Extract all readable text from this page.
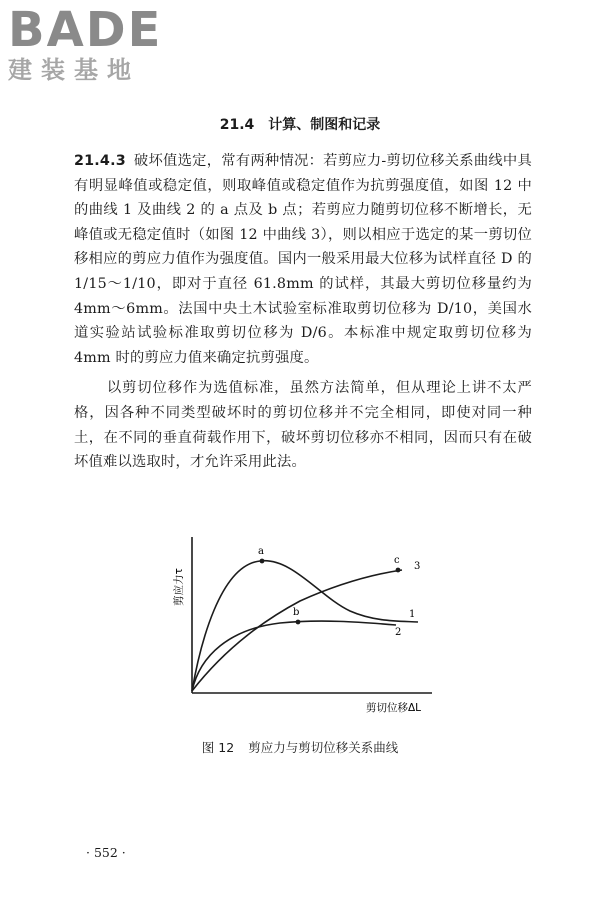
BADE
建装基地
21.4 计算、制图和记录

21.4.3 破坏值选定，常有两种情况：若剪应力-剪切位移关系曲线中具有明显峰值或稳定值，则取峰值或稳定值作为抗剪强度值，如图 12 中的曲线 1 及曲线 2 的 a 点及 b 点；若剪应力随剪切位移不断增长，无峰值或无稳定值时（如图 12 中曲线 3），则以相应于选定的某一剪切位移相应的剪应力值作为强度值。国内一般采用最大位移为试样直径 D 的 1/15～1/10，即对于直径 61.8mm 的试样，其最大剪切位移量约为 4mm～6mm。法国中央土木试验室标准取剪切位移为 D/10，美国水道实验站试验标准取剪切位移为 D/6。本标准中规定取剪切位移为 4mm 时的剪应力值来确定抗剪强度。

以剪切位移作为选值标准，虽然方法简单，但从理论上讲不太严格，因各种不同类型破坏时的剪切位移并不完全相同，即使对同一种土，在不同的垂直荷载作用下，破坏剪切位移亦不相同，因而只有在破坏值难以选取时，才允许采用此法。

a
b
c
1
2
3
剪应力τ
剪切位移ΔL
图 12 剪应力与剪切位移关系曲线
· 552 ·
